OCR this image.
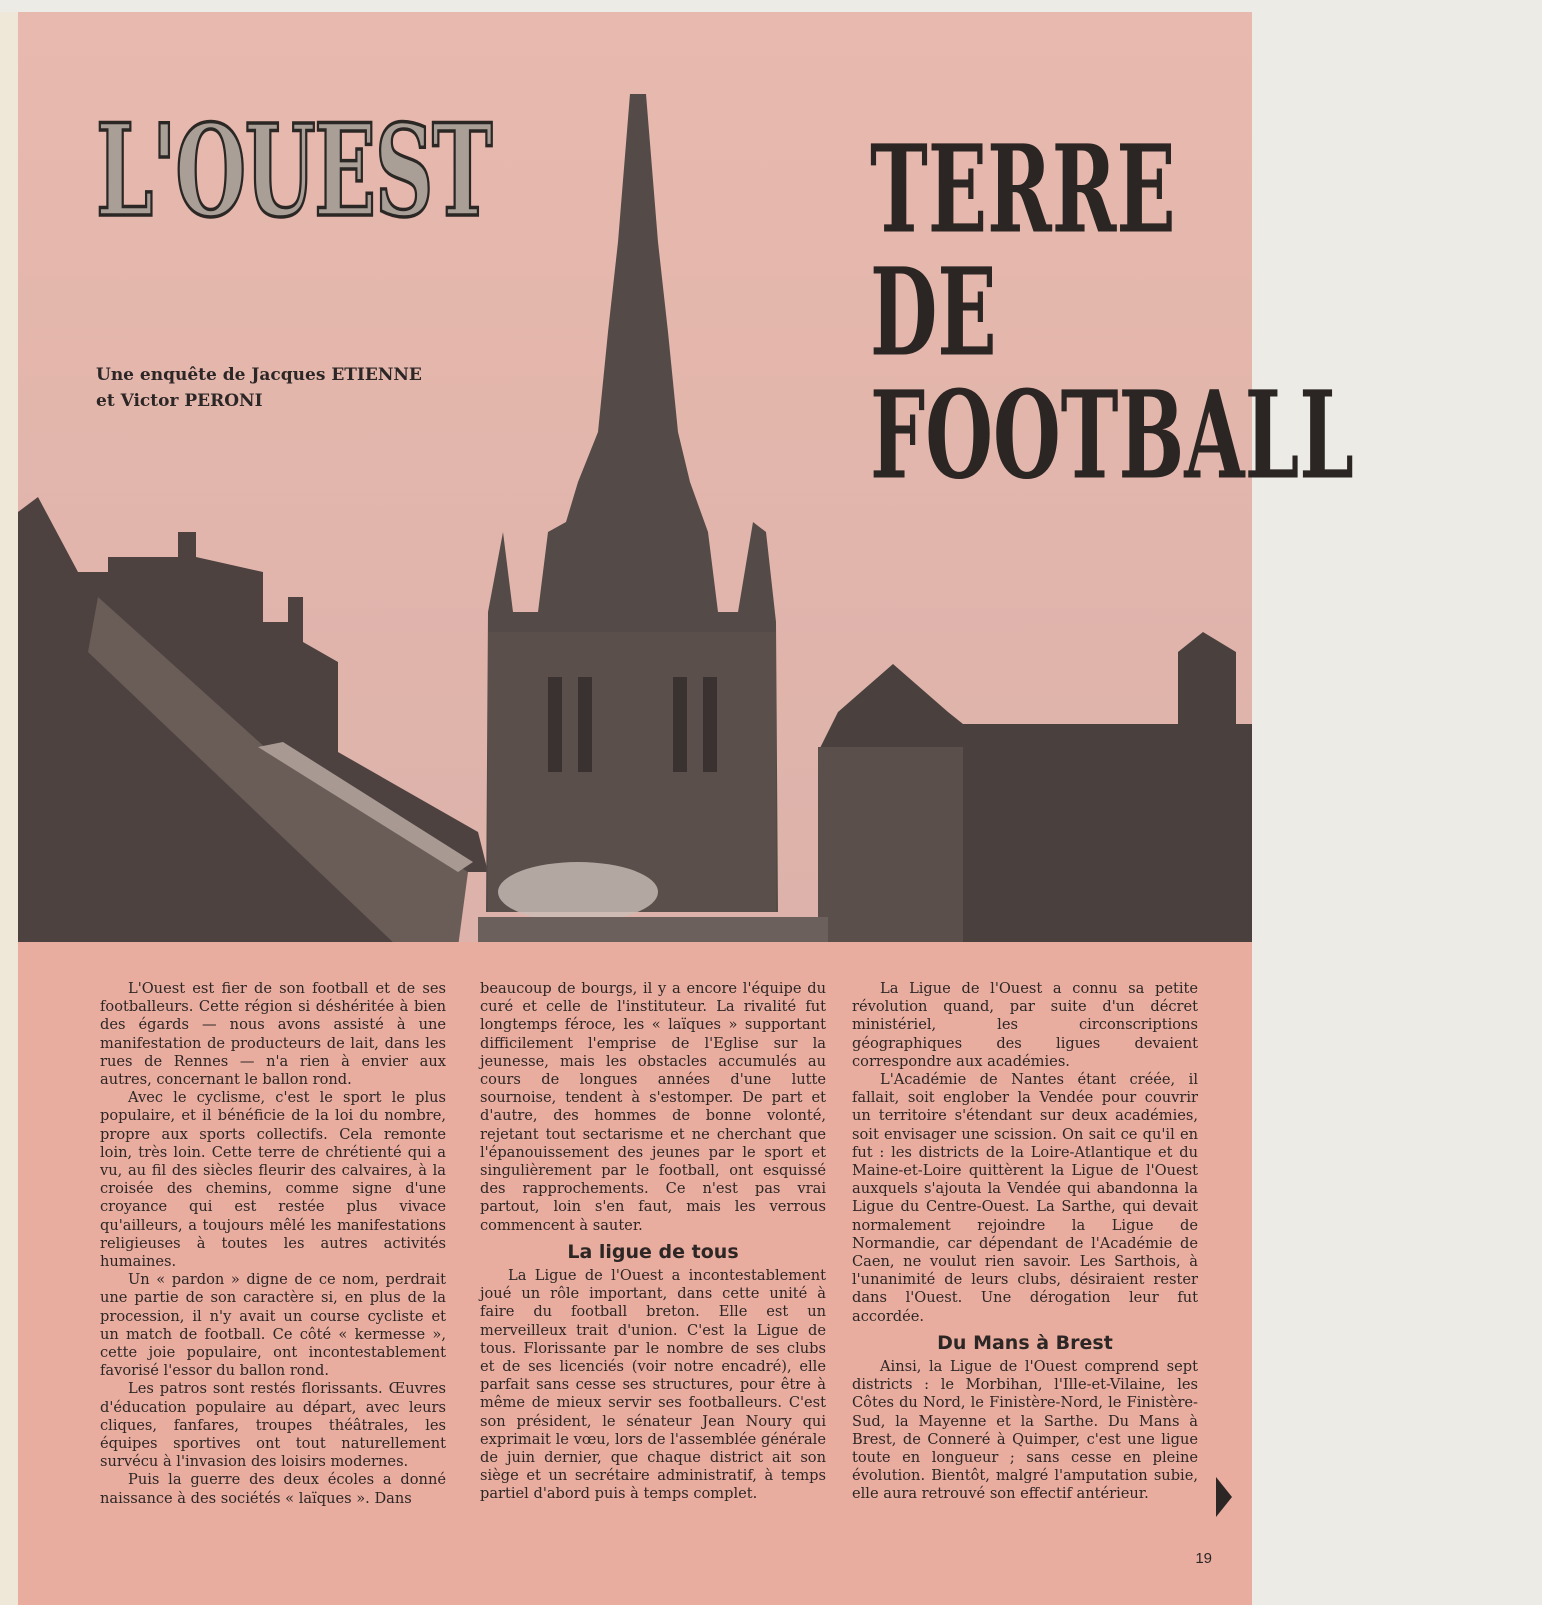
L'OUEST	TERRE
DE
FOOTBALL
Une enquête de Jacques ETIENNE
et Victor PERONI

L'Ouest est fier de son football et de ses footballeurs. Cette région si déshéritée à bien des égards — nous avons assisté à une manifestation de producteurs de lait, dans les rues de Rennes — n'a rien à envier aux autres, concernant le ballon rond.

Avec le cyclisme, c'est le sport le plus populaire, et il bénéficie de la loi du nombre, propre aux sports collectifs. Cela remonte loin, très loin. Cette terre de chrétienté qui a vu, au fil des siècles fleurir des calvaires, à la croisée des chemins, comme signe d'une croyance qui est restée plus vivace qu'ailleurs, a toujours mêlé les manifestations religieuses à toutes les autres activités humaines.

Un « pardon » digne de ce nom, perdrait une partie de son caractère si, en plus de la procession, il n'y avait un course cycliste et un match de football. Ce côté « kermesse », cette joie populaire, ont incontestablement favorisé l'essor du ballon rond.

Les patros sont restés florissants. Œuvres d'éducation populaire au départ, avec leurs cliques, fanfares, troupes théâtrales, les équipes sportives ont tout naturellement survécu à l'invasion des loisirs modernes.

Puis la guerre des deux écoles a donné naissance à des sociétés « laïques ». Dans

beaucoup de bourgs, il y a encore l'équipe du curé et celle de l'instituteur. La rivalité fut longtemps féroce, les « laïques » supportant difficilement l'emprise de l'Eglise sur la jeunesse, mais les obstacles accumulés au cours de longues années d'une lutte sournoise, tendent à s'estomper. De part et d'autre, des hommes de bonne volonté, rejetant tout sectarisme et ne cherchant que l'épanouissement des jeunes par le sport et singulièrement par le football, ont esquissé des rapprochements. Ce n'est pas vrai partout, loin s'en faut, mais les verrous commencent à sauter.

La ligue de tous

La Ligue de l'Ouest a incontestablement joué un rôle important, dans cette unité à faire du football breton. Elle est un merveilleux trait d'union. C'est la Ligue de tous. Florissante par le nombre de ses clubs et de ses licenciés (voir notre encadré), elle parfait sans cesse ses structures, pour être à même de mieux servir ses footballeurs. C'est son président, le sénateur Jean Noury qui exprimait le vœu, lors de l'assemblée générale de juin dernier, que chaque district ait son siège et un secrétaire administratif, à temps partiel d'abord puis à temps complet.

La Ligue de l'Ouest a connu sa petite révolution quand, par suite d'un décret ministériel, les circonscriptions géographiques des ligues devaient correspondre aux académies.

L'Académie de Nantes étant créée, il fallait, soit englober la Vendée pour couvrir un territoire s'étendant sur deux académies, soit envisager une scission. On sait ce qu'il en fut : les districts de la Loire-Atlantique et du Maine-et-Loire quittèrent la Ligue de l'Ouest auxquels s'ajouta la Vendée qui abandonna la Ligue du Centre-Ouest. La Sarthe, qui devait normalement rejoindre la Ligue de Normandie, car dépendant de l'Académie de Caen, ne voulut rien savoir. Les Sarthois, à l'unanimité de leurs clubs, désiraient rester dans l'Ouest. Une dérogation leur fut accordée.

Du Mans à Brest

Ainsi, la Ligue de l'Ouest comprend sept districts : le Morbihan, l'Ille-et-Vilaine, les Côtes du Nord, le Finistère-Nord, le Finistère-Sud, la Mayenne et la Sarthe. Du Mans à Brest, de Conneré à Quimper, c'est une ligue toute en longueur ; sans cesse en pleine évolution. Bientôt, malgré l'amputation subie, elle aura retrouvé son effectif antérieur.

19
